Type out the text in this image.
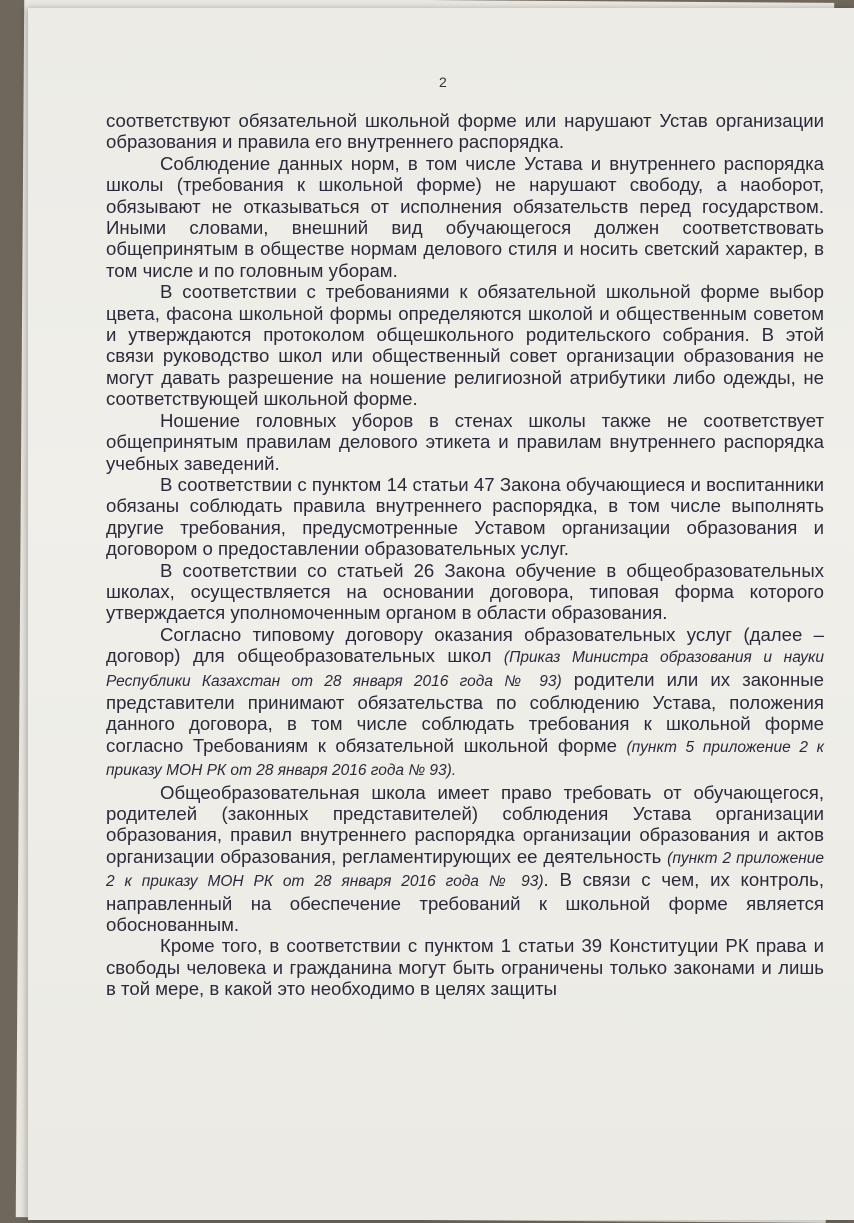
2

соответствуют обязательной школьной форме или нарушают Устав организации образования и правила его внутреннего распорядка.

Соблюдение данных норм, в том числе Устава и внутреннего распорядка школы (требования к школьной форме) не нарушают свободу, а наоборот, обязывают не отказываться от исполнения обязательств перед государством. Иными словами, внешний вид обучающегося должен соответствовать общепринятым в обществе нормам делового стиля и носить светский характер, в том числе и по головным уборам.

В соответствии с требованиями к обязательной школьной форме выбор цвета, фасона школьной формы определяются школой и общественным советом и утверждаются протоколом общешкольного родительского собрания. В этой связи руководство школ или общественный совет организации образования не могут давать разрешение на ношение религиозной атрибутики либо одежды, не соответствующей школьной форме.

Ношение головных уборов в стенах школы также не соответствует общепринятым правилам делового этикета и правилам внутреннего распорядка учебных заведений.

В соответствии с пунктом 14 статьи 47 Закона обучающиеся и воспитанники обязаны соблюдать правила внутреннего распорядка, в том числе выполнять другие требования, предусмотренные Уставом организации образования и договором о предоставлении образовательных услуг.

В соответствии со статьей 26 Закона обучение в общеобразовательных школах, осуществляется на основании договора, типовая форма которого утверждается уполномоченным органом в области образования.

Согласно типовому договору оказания образовательных услуг (далее – договор) для общеобразовательных школ (Приказ Министра образования и науки Республики Казахстан от 28 января 2016 года № 93) родители или их законные представители принимают обязательства по соблюдению Устава, положения данного договора, в том числе соблюдать требования к школьной форме согласно Требованиям к обязательной школьной форме (пункт 5 приложение 2 к приказу МОН РК от 28 января 2016 года № 93).

Общеобразовательная школа имеет право требовать от обучающегося, родителей (законных представителей) соблюдения Устава организации образования, правил внутреннего распорядка организации образования и актов организации образования, регламентирующих ее деятельность (пункт 2 приложение 2 к приказу МОН РК от 28 января 2016 года № 93). В связи с чем, их контроль, направленный на обеспечение требований к школьной форме является обоснованным.

Кроме того, в соответствии с пунктом 1 статьи 39 Конституции РК права и свободы человека и гражданина могут быть ограничены только законами и лишь в той мере, в какой это необходимо в целях защиты
